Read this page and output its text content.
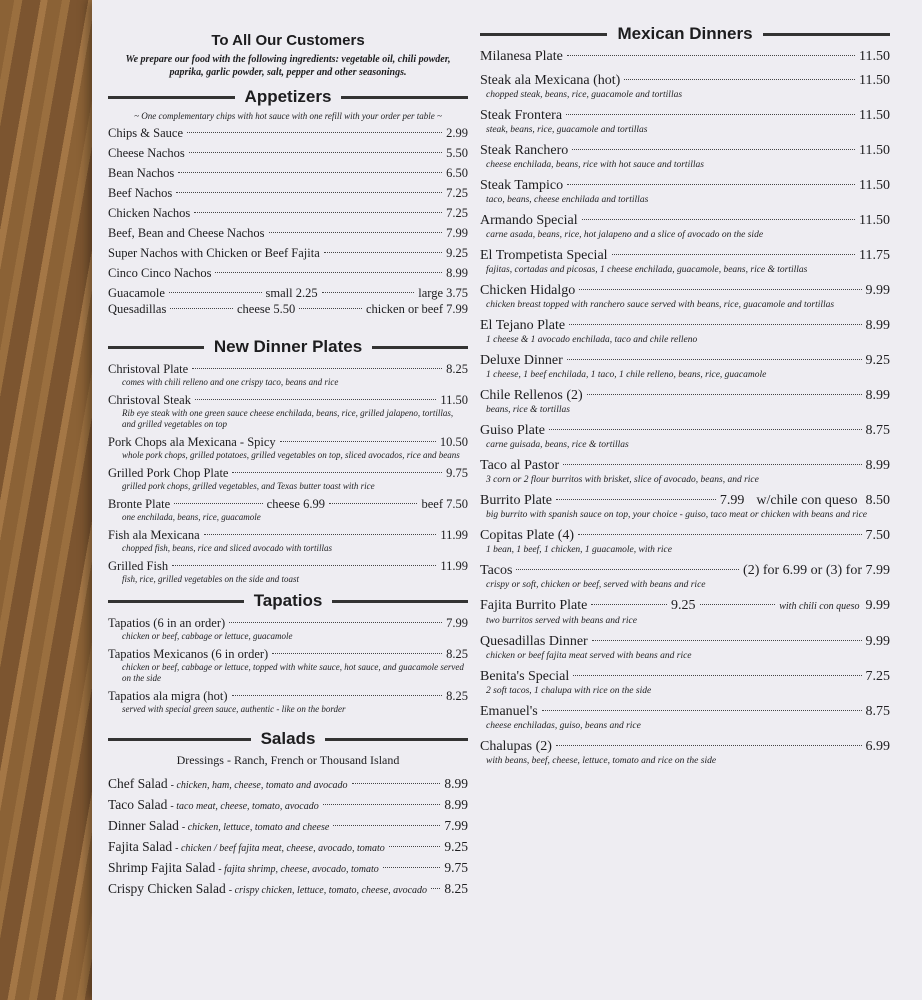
To All Our Customers
We prepare our food with the following ingredients: vegetable oil, chili powder, paprika, garlic powder, salt, pepper and other seasonings.
Appetizers
~ One complementary chips with hot sauce with one refill with your order per table ~
Chips & Sauce	2.99
Cheese Nachos	5.50
Bean Nachos	6.50
Beef Nachos	7.25
Chicken Nachos	7.25
Beef, Bean and Cheese Nachos	7.99
Super Nachos with Chicken or Beef Fajita	9.25
Cinco Cinco Nachos	8.99
Guacamole	small 2.25	large 3.75
Quesadillas	cheese 5.50	chicken or beef 7.99
New Dinner Plates
Christoval Plate	8.25
comes with chili relleno and one crispy taco, beans and rice
Christoval Steak	11.50
Rib eye steak with one green sauce cheese enchilada, beans, rice, grilled jalapeno, tortillas, and grilled vegetables on top
Pork Chops ala Mexicana - Spicy	10.50
whole pork chops, grilled potatoes, grilled vegetables on top, sliced avocados, rice and beans
Grilled Pork Chop Plate	9.75
grilled pork chops, grilled vegetables, and Texas butter toast with rice
Bronte Plate	cheese 6.99	beef 7.50
one enchilada, beans, rice, guacamole
Fish ala Mexicana	11.99
chopped fish, beans, rice and sliced avocado with tortillas
Grilled Fish	11.99
fish, rice, grilled vegetables on the side and toast
Tapatios
Tapatios (6 in an order)	7.99
chicken or beef, cabbage or lettuce, guacamole
Tapatios Mexicanos (6 in order)	8.25
chicken or beef, cabbage or lettuce, topped with white sauce, hot sauce, and guacamole served on the side
Tapatios ala migra (hot)	8.25
served with special green sauce, authentic - like on the border
Salads
Dressings - Ranch, French or Thousand Island
Chef Salad - chicken, ham, cheese, tomato and avocado	8.99
Taco Salad - taco meat, cheese, tomato, avocado	8.99
Dinner Salad - chicken, lettuce, tomato and cheese	7.99
Fajita Salad - chicken / beef fajita meat, cheese, avocado, tomato	9.25
Shrimp Fajita Salad - fajita shrimp, cheese, avocado, tomato	9.75
Crispy Chicken Salad - crispy chicken, lettuce, tomato, cheese, avocado 8.25
Mexican Dinners
Milanesa Plate	11.50
Steak ala Mexicana (hot)	11.50
chopped steak, beans, rice, guacamole and tortillas
Steak Frontera	11.50
steak, beans, rice, guacamole and tortillas
Steak Ranchero	11.50
cheese enchilada, beans, rice with hot sauce and tortillas
Steak Tampico	11.50
taco, beans, cheese enchilada and tortillas
Armando Special	11.50
carne asada, beans, rice, hot jalapeno and a slice of avocado on the side
El Trompetista Special	11.75
fajitas, cortadas and picosas, 1 cheese enchilada, guacamole, beans, rice & tortillas
Chicken Hidalgo	9.99
chicken breast topped with ranchero sauce served with beans, rice, guacamole and tortillas
El Tejano Plate	8.99
1 cheese & 1 avocado enchilada, taco and chile relleno
Deluxe Dinner	9.25
1 cheese, 1 beef enchilada, 1 taco, 1 chile relleno, beans, rice, guacamole
Chile Rellenos (2)	8.99
beans, rice & tortillas
Guiso Plate	8.75
carne guisada, beans, rice & tortillas
Taco al Pastor	8.99
3 corn or 2 flour burritos with brisket, slice of avocado, beans, and rice
Burrito Plate	7.99 w/chile con queso 8.50
big burrito with spanish sauce on top, your choice - guiso, taco meat or chicken with beans and rice
Copitas Plate (4)	7.50
1 bean, 1 beef, 1 chicken, 1 guacamole, with rice
Tacos	(2) for 6.99 or (3) for 7.99
crispy or soft, chicken or beef, served with beans and rice
Fajita Burrito Plate	9.25	with chili con queso 9.99
two burritos served with beans and rice
Quesadillas Dinner	9.99
chicken or beef fajita meat served with beans and rice
Benita's Special	7.25
2 soft tacos, 1 chalupa with rice on the side
Emanuel's	8.75
cheese enchiladas, guiso, beans and rice
Chalupas (2)	6.99
with beans, beef, cheese, lettuce, tomato and rice on the side
